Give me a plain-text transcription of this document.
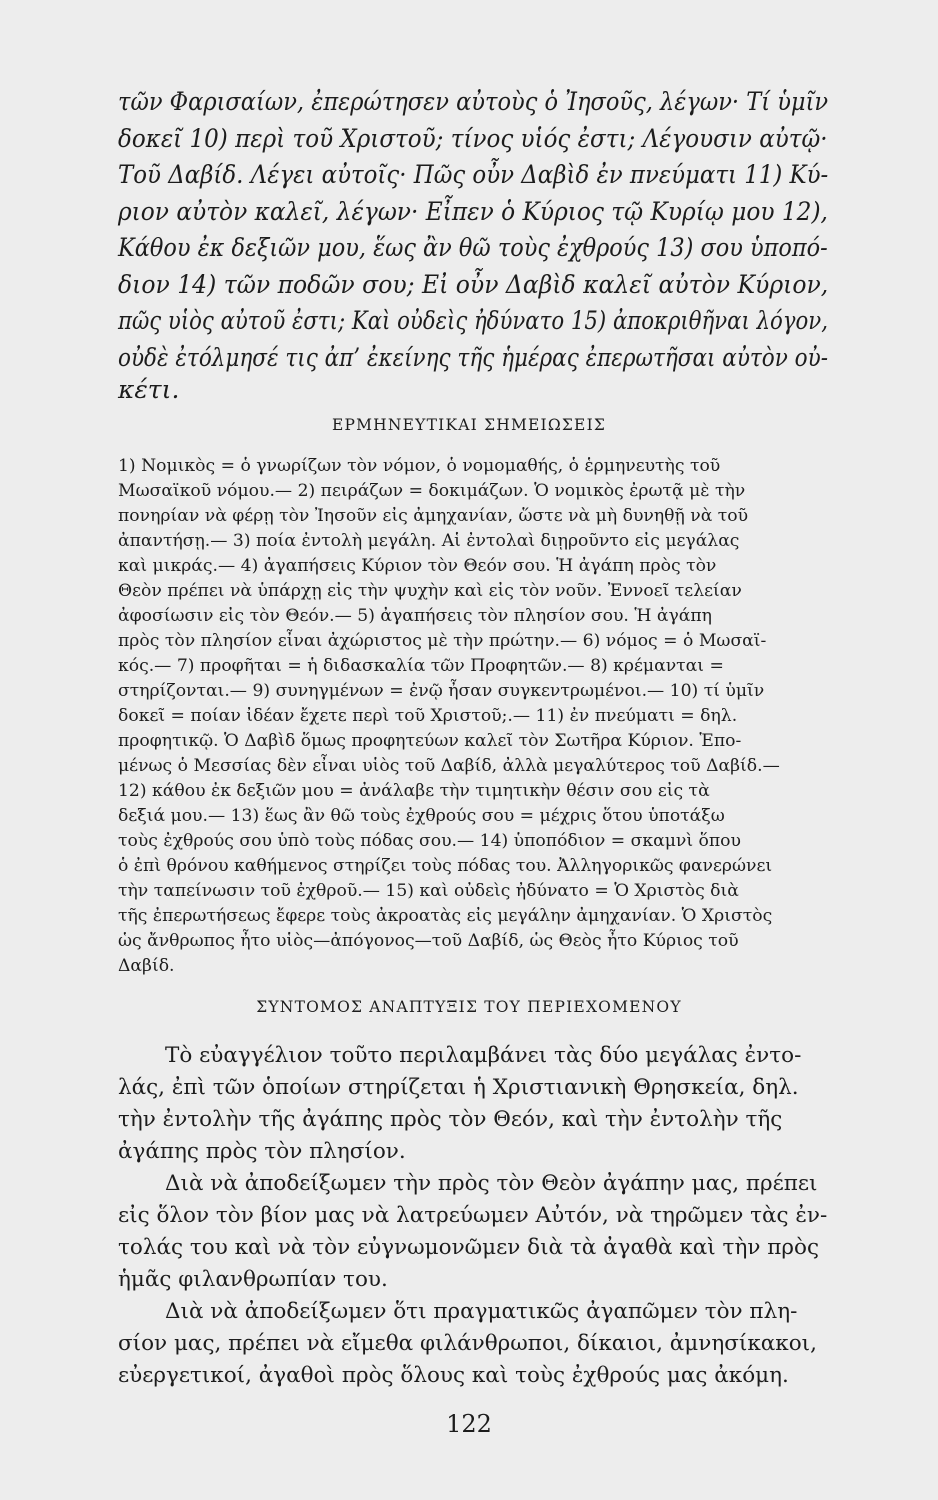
τῶν Φαρισαίων, ἐπερώτησεν αὐτοὺς ὁ Ἰησοῦς, λέγων· Τί ὑμῖν
δοκεῖ 10) περὶ τοῦ Χριστοῦ; τίνος υἱός ἐστι; Λέγουσιν αὐτῷ·
Τοῦ Δαβίδ. Λέγει αὐτοῖς· Πῶς οὖν Δαβὶδ ἐν πνεύματι 11) Κύ-
ριον αὐτὸν καλεῖ, λέγων· Εἶπεν ὁ Κύριος τῷ Κυρίῳ μου 12),
Κάθου ἐκ δεξιῶν μου, ἕως ἂν θῶ τοὺς ἐχθρούς 13) σου ὑποπό-
διον 14) τῶν ποδῶν σου; Εἰ οὖν Δαβὶδ καλεῖ αὐτὸν Κύριον,
πῶς υἱὸς αὐτοῦ ἐστι; Καὶ οὐδεὶς ἠδύνατο 15) ἀποκριθῆναι λόγον,
οὐδὲ ἐτόλμησέ τις ἀπ’ ἐκείνης τῆς ἡμέρας ἐπερωτῆσαι αὐτὸν οὐ-
κέτι.
ΕΡΜΗΝΕΥΤΙΚΑΙ ΣΗΜΕΙΩΣΕΙΣ
1) Νομικὸς = ὁ γνωρίζων τὸν νόμον, ὁ νομομαθής, ὁ ἑρμηνευτὴς τοῦ
Μωσαϊκοῦ νόμου.— 2) πειράζων = δοκιμάζων. Ὁ νομικὸς ἐρωτᾷ μὲ τὴν
πονηρίαν νὰ φέρῃ τὸν Ἰησοῦν εἰς ἀμηχανίαν, ὥστε νὰ μὴ δυνηθῇ νὰ τοῦ
ἀπαντήσῃ.— 3) ποία ἐντολὴ μεγάλη. Αἱ ἐντολαὶ διῃροῦντο εἰς μεγάλας
καὶ μικράς.— 4) ἀγαπήσεις Κύριον τὸν Θεόν σου. Ἡ ἀγάπη πρὸς τὸν
Θεὸν πρέπει νὰ ὑπάρχῃ εἰς τὴν ψυχὴν καὶ εἰς τὸν νοῦν. Ἐννοεῖ τελείαν
ἀφοσίωσιν εἰς τὸν Θεόν.— 5) ἀγαπήσεις τὸν πλησίον σου. Ἡ ἀγάπη
πρὸς τὸν πλησίον εἶναι ἀχώριστος μὲ τὴν πρώτην.— 6) νόμος = ὁ Μωσαϊ-
κός.— 7) προφῆται = ἡ διδασκαλία τῶν Προφητῶν.— 8) κρέμανται =
στηρίζονται.— 9) συνηγμένων = ἐνῷ ἦσαν συγκεντρωμένοι.— 10) τί ὑμῖν
δοκεῖ = ποίαν ἰδέαν ἔχετε περὶ τοῦ Χριστοῦ;.— 11) ἐν πνεύματι = δηλ.
προφητικῷ. Ὁ Δαβὶδ ὅμως προφητεύων καλεῖ τὸν Σωτῆρα Κύριον. Ἑπο-
μένως ὁ Μεσσίας δὲν εἶναι υἱὸς τοῦ Δαβίδ, ἀλλὰ μεγαλύτερος τοῦ Δαβίδ.—
12) κάθου ἐκ δεξιῶν μου = ἀνάλαβε τὴν τιμητικὴν θέσιν σου εἰς τὰ
δεξιά μου.— 13) ἕως ἂν θῶ τοὺς ἐχθρούς σου = μέχρις ὅτου ὑποτάξω
τοὺς ἐχθρούς σου ὑπὸ τοὺς πόδας σου.— 14) ὑποπόδιον = σκαμνὶ ὅπου
ὁ ἐπὶ θρόνου καθήμενος στηρίζει τοὺς πόδας του. Ἀλληγορικῶς φανερώνει
τὴν ταπείνωσιν τοῦ ἐχθροῦ.— 15) καὶ οὐδεὶς ἠδύνατο = Ὁ Χριστὸς διὰ
τῆς ἐπερωτήσεως ἔφερε τοὺς ἀκροατὰς εἰς μεγάλην ἀμηχανίαν. Ὁ Χριστὸς
ὡς ἄνθρωπος ἦτο υἱὸς—ἀπόγονος—τοῦ Δαβίδ, ὡς Θεὸς ἦτο Κύριος τοῦ
Δαβίδ.
ΣΥΝΤΟΜΟΣ ΑΝΑΠΤΥΞΙΣ ΤΟΥ ΠΕΡΙΕΧΟΜΕΝΟΥ
Τὸ εὐαγγέλιον τοῦτο περιλαμβάνει τὰς δύο μεγάλας ἐντο-
λάς, ἐπὶ τῶν ὁποίων στηρίζεται ἡ Χριστιανικὴ Θρησκεία, δηλ.
τὴν ἐντολὴν τῆς ἀγάπης πρὸς τὸν Θεόν, καὶ τὴν ἐντολὴν τῆς
ἀγάπης πρὸς τὸν πλησίον.
Διὰ νὰ ἀποδείξωμεν τὴν πρὸς τὸν Θεὸν ἀγάπην μας, πρέπει
εἰς ὅλον τὸν βίον μας νὰ λατρεύωμεν Αὐτόν, νὰ τηρῶμεν τὰς ἐν-
τολάς του καὶ νὰ τὸν εὐγνωμονῶμεν διὰ τὰ ἀγαθὰ καὶ τὴν πρὸς
ἡμᾶς φιλανθρωπίαν του.
Διὰ νὰ ἀποδείξωμεν ὅτι πραγματικῶς ἀγαπῶμεν τὸν πλη-
σίον μας, πρέπει νὰ εἴμεθα φιλάνθρωποι, δίκαιοι, ἀμνησίκακοι,
εὐεργετικοί, ἀγαθοὶ πρὸς ὅλους καὶ τοὺς ἐχθρούς μας ἀκόμη.
122
